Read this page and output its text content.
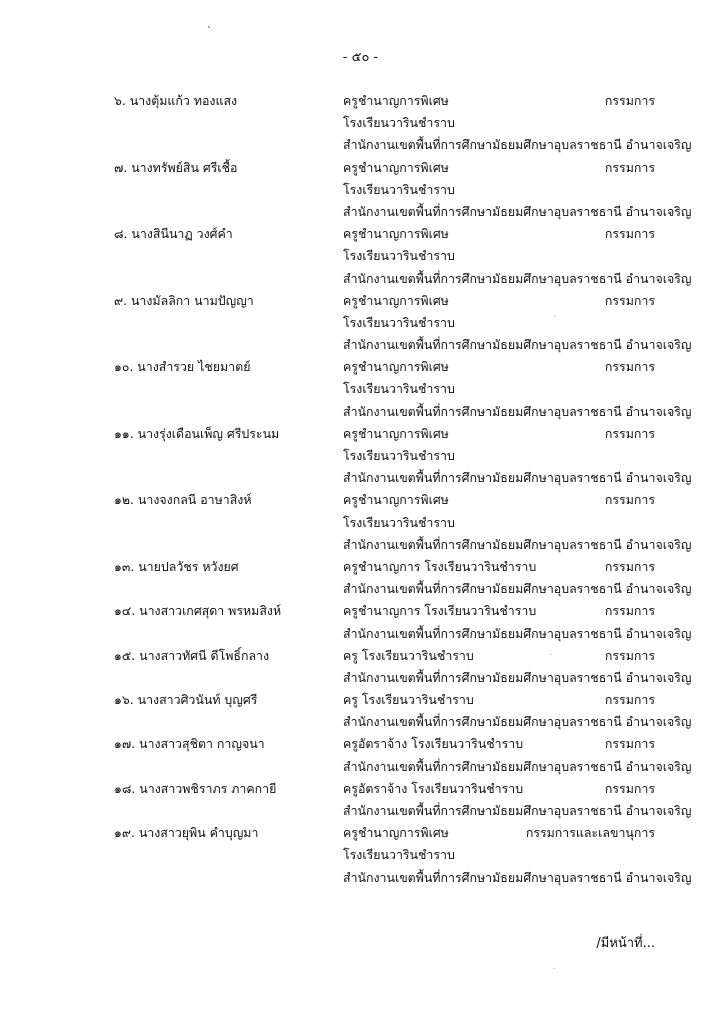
`
- ๕๐ -
๖. นางตุ้มแก้ว ทองแสง	ครูชำนาญการพิเศษ	กรรมการ
โรงเรียนวารินชำราบ
สำนักงานเขตพื้นที่การศึกษามัธยมศึกษาอุบลราชธานี อำนาจเจริญ
๗. นางทรัพย์สิน ศรีเชื้อ	ครูชำนาญการพิเศษ	กรรมการ
โรงเรียนวารินชำราบ
สำนักงานเขตพื้นที่การศึกษามัธยมศึกษาอุบลราชธานี อำนาจเจริญ
๘. นางสินีนาฏ วงศ์คำ	ครูชำนาญการพิเศษ	กรรมการ
โรงเรียนวารินชำราบ
สำนักงานเขตพื้นที่การศึกษามัธยมศึกษาอุบลราชธานี อำนาจเจริญ
๙. นางมัลลิกา นามปัญญา	ครูชำนาญการพิเศษ	กรรมการ
โรงเรียนวารินชำราบ
สำนักงานเขตพื้นที่การศึกษามัธยมศึกษาอุบลราชธานี อำนาจเจริญ
๑๐. นางสำรวย ไชยมาตย์	ครูชำนาญการพิเศษ	กรรมการ
โรงเรียนวารินชำราบ
สำนักงานเขตพื้นที่การศึกษามัธยมศึกษาอุบลราชธานี อำนาจเจริญ
๑๑. นางรุ่งเดือนเพ็ญ ศรีประนม	ครูชำนาญการพิเศษ	กรรมการ
โรงเรียนวารินชำราบ
สำนักงานเขตพื้นที่การศึกษามัธยมศึกษาอุบลราชธานี อำนาจเจริญ
๑๒. นางจงกลนี อาษาสิงห์	ครูชำนาญการพิเศษ	กรรมการ
โรงเรียนวารินชำราบ
สำนักงานเขตพื้นที่การศึกษามัธยมศึกษาอุบลราชธานี อำนาจเจริญ
๑๓. นายปลวัชร หวังยศ	ครูชำนาญการ โรงเรียนวารินชำราบ	กรรมการ
สำนักงานเขตพื้นที่การศึกษามัธยมศึกษาอุบลราชธานี อำนาจเจริญ
๑๔. นางสาวเกศสุดา พรหมสิงห์	ครูชำนาญการ โรงเรียนวารินชำราบ	กรรมการ
สำนักงานเขตพื้นที่การศึกษามัธยมศึกษาอุบลราชธานี อำนาจเจริญ
๑๕. นางสาวทัศนี ดีโพธิ์กลาง	ครู โรงเรียนวารินชำราบ	กรรมการ
สำนักงานเขตพื้นที่การศึกษามัธยมศึกษาอุบลราชธานี อำนาจเจริญ
๑๖. นางสาวศิวนันท์ บุญศรี	ครู โรงเรียนวารินชำราบ	กรรมการ
สำนักงานเขตพื้นที่การศึกษามัธยมศึกษาอุบลราชธานี อำนาจเจริญ
๑๗. นางสาวสุชิตา กาญจนา	ครูอัตราจ้าง โรงเรียนวารินชำราบ	กรรมการ
สำนักงานเขตพื้นที่การศึกษามัธยมศึกษาอุบลราชธานี อำนาจเจริญ
๑๘. นางสาวพชิราภร ภาคกายี	ครูอัตราจ้าง โรงเรียนวารินชำราบ	กรรมการ
สำนักงานเขตพื้นที่การศึกษามัธยมศึกษาอุบลราชธานี อำนาจเจริญ
๑๙. นางสาวยุพิน คำบุญมา	ครูชำนาญการพิเศษ	กรรมการและเลขานุการ
โรงเรียนวารินชำราบ
สำนักงานเขตพื้นที่การศึกษามัธยมศึกษาอุบลราชธานี อำนาจเจริญ
·
·
·
/มีหน้าที่...
